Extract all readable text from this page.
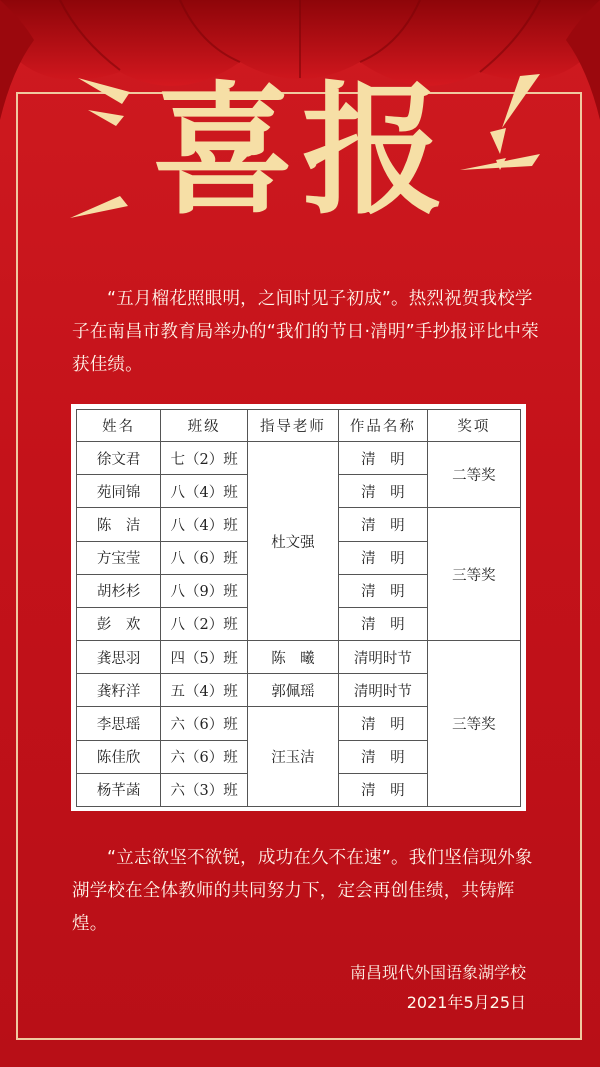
喜报

“五月榴花照眼明，之间时见子初成”。热烈祝贺我校学子在南昌市教育局举办的“我们的节日·清明”手抄报评比中荣获佳绩。

姓名	班级	指导老师	作品名称	奖项
徐文君	七（2）班	杜文强	清　明	二等奖
苑同锦	八（4）班		清　明	
陈　洁	八（4）班		清　明	三等奖
方宝莹	八（6）班		清　明	
胡杉杉	八（9）班		清　明	
彭　欢	八（2）班		清　明	
龚思羽	四（5）班	陈　曦	清明时节	三等奖
龚籽洋	五（4）班	郭佩瑶	清明时节	
李思瑶	六（6）班	汪玉洁	清　明	
陈佳欣	六（6）班		清　明	
杨芊菡	六（3）班		清　明	

“立志欲坚不欲锐，成功在久不在速”。我们坚信现外象湖学校在全体教师的共同努力下，定会再创佳绩，共铸辉煌。

南昌现代外国语象湖学校
2021年5月25日
